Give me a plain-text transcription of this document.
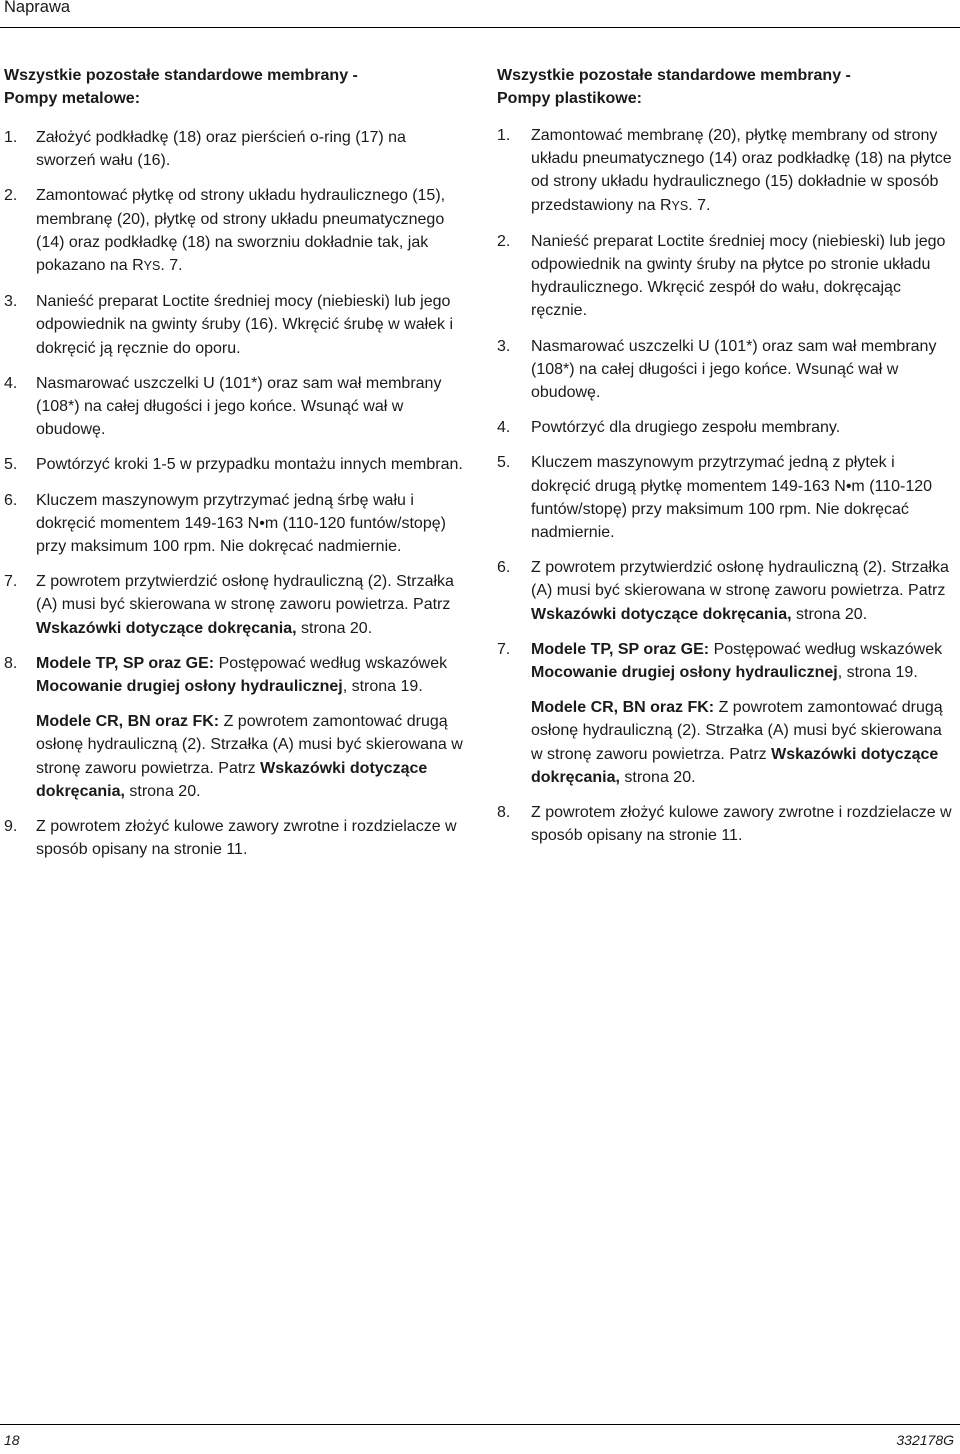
Naprawa
Wszystkie pozostałe standardowe membrany -
Pompy metalowe:
1. Założyć podkładkę (18) oraz pierścień o-ring (17) na sworzeń wału (16).

2. Zamontować płytkę od strony układu hydraulicznego (15), membranę (20), płytkę od strony układu pneumatycznego (14) oraz podkładkę (18) na sworzniu dokładnie tak, jak pokazano na RYS. 7.

3. Nanieść preparat Loctite średniej mocy (niebieski) lub jego odpowiednik na gwinty śruby (16). Wkręcić śrubę w wałek i dokręcić ją ręcznie do oporu.

4. Nasmarować uszczelki U (101*) oraz sam wał membrany (108*) na całej długości i jego końce. Wsunąć wał w obudowę.

5. Powtórzyć kroki 1-5 w przypadku montażu innych membran.

6. Kluczem maszynowym przytrzymać jedną śrbę wału i dokręcić momentem 149-163 N•m (110-120 funtów/stopę) przy maksimum 100 rpm. Nie dokręcać nadmiernie.

7. Z powrotem przytwierdzić osłonę hydrauliczną (2). Strzałka (A) musi być skierowana w stronę zaworu powietrza. Patrz Wskazówki dotyczące dokręcania, strona 20.

8. Modele TP, SP oraz GE: Postępować według wskazówek Mocowanie drugiej osłony hydraulicznej, strona 19.

Modele CR, BN oraz FK: Z powrotem zamontować drugą osłonę hydrauliczną (2). Strzałka (A) musi być skierowana w stronę zaworu powietrza. Patrz Wskazówki dotyczące dokręcania, strona 20.

9. Z powrotem złożyć kulowe zawory zwrotne i rozdzielacze w sposób opisany na stronie 11.

Wszystkie pozostałe standardowe membrany -
Pompy plastikowe:
1. Zamontować membranę (20), płytkę membrany od strony układu pneumatycznego (14) oraz podkładkę (18) na płytce od strony układu hydraulicznego (15) dokładnie w sposób przedstawiony na RYS. 7.

2. Nanieść preparat Loctite średniej mocy (niebieski) lub jego odpowiednik na gwinty śruby na płytce po stronie układu hydraulicznego. Wkręcić zespół do wału, dokręcając ręcznie.

3. Nasmarować uszczelki U (101*) oraz sam wał membrany (108*) na całej długości i jego końce. Wsunąć wał w obudowę.

4. Powtórzyć dla drugiego zespołu membrany.

5. Kluczem maszynowym przytrzymać jedną z płytek i dokręcić drugą płytkę momentem 149-163 N•m (110-120 funtów/stopę) przy maksimum 100 rpm. Nie dokręcać nadmiernie.

6. Z powrotem przytwierdzić osłonę hydrauliczną (2). Strzałka (A) musi być skierowana w stronę zaworu powietrza. Patrz Wskazówki dotyczące dokręcania, strona 20.

7. Modele TP, SP oraz GE: Postępować według wskazówek Mocowanie drugiej osłony hydraulicznej, strona 19.

Modele CR, BN oraz FK: Z powrotem zamontować drugą osłonę hydrauliczną (2). Strzałka (A) musi być skierowana w stronę zaworu powietrza. Patrz Wskazówki dotyczące dokręcania, strona 20.

8. Z powrotem złożyć kulowe zawory zwrotne i rozdzielacze w sposób opisany na stronie 11.

18	332178G
